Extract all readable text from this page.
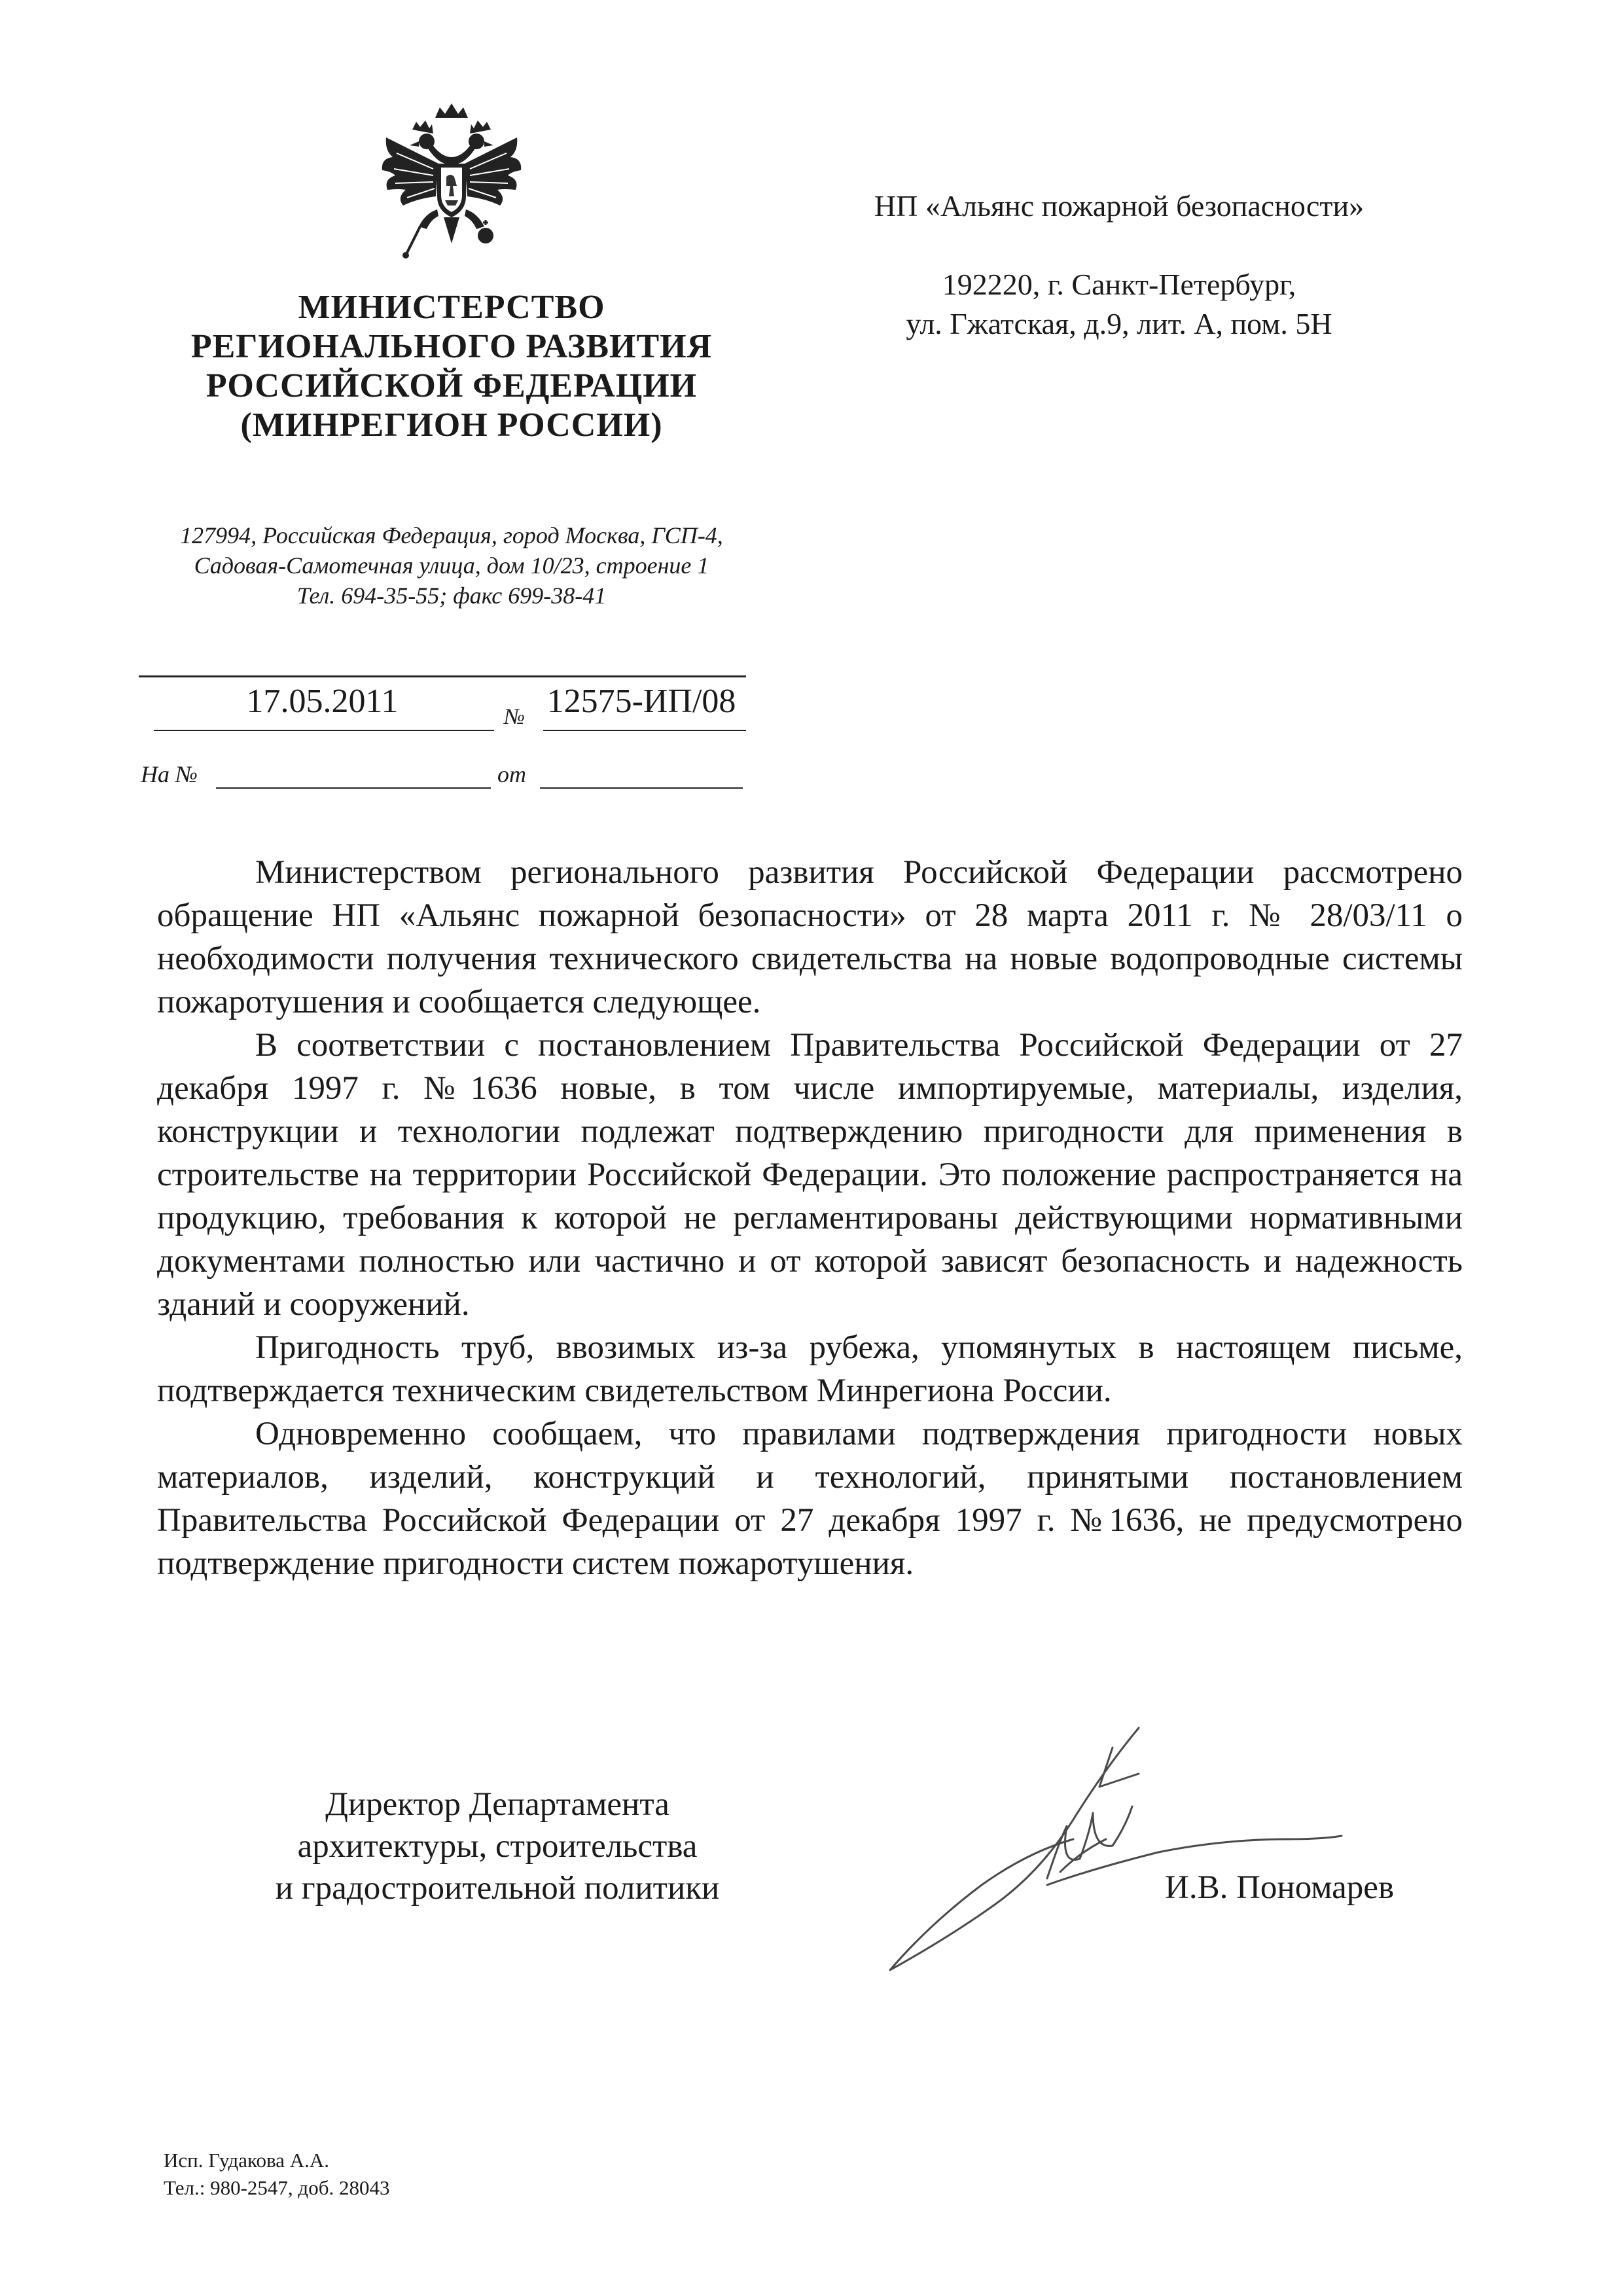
МИНИСТЕРСТВО
РЕГИОНАЛЬНОГО РАЗВИТИЯ
РОССИЙСКОЙ ФЕДЕРАЦИИ
(МИНРЕГИОН РОССИИ)
127994, Российская Федерация, город Москва, ГСП-4,
Садовая-Самотечная улица, дом 10/23, строение 1
Тел. 694-35-55; факс 699-38-41
НП «Альянс пожарной безопасности»
192220, г. Санкт-Петербург,
ул. Гжатская, д.9, лит. А, пом. 5Н
17.05.2011	№ 12575-ИП/08
На №	от

Министерством регионального развития Российской Федерации рассмотрено обращение НП «Альянс пожарной безопасности» от 28 марта 2011 г. № 28/03/11 о необходимости получения технического свидетельства на новые водопроводные системы пожаротушения и сообщается следующее.

В соответствии с постановлением Правительства Российской Федерации от 27 декабря 1997 г. №1636 новые, в том числе импортируемые, материалы, изделия, конструкции и технологии подлежат подтверждению пригодности для применения в строительстве на территории Российской Федерации. Это положение распространяется на продукцию, требования к которой не регламентированы действующими нормативными документами полностью или частично и от которой зависят безопасность и надежность зданий и сооружений.

Пригодность труб, ввозимых из-за рубежа, упомянутых в настоящем письме, подтверждается техническим свидетельством Минрегиона России.

Одновременно сообщаем, что правилами подтверждения пригодности новых материалов, изделий, конструкций и технологий, принятыми постановлением Правительства Российской Федерации от 27 декабря 1997 г. №1636, не предусмотрено подтверждение пригодности систем пожаротушения.

Директор Департамента
архитектуры, строительства
и градостроительной политики	И.В. Пономарев
Исп. Гудакова А.А.
Тел.: 980-2547, доб. 28043
